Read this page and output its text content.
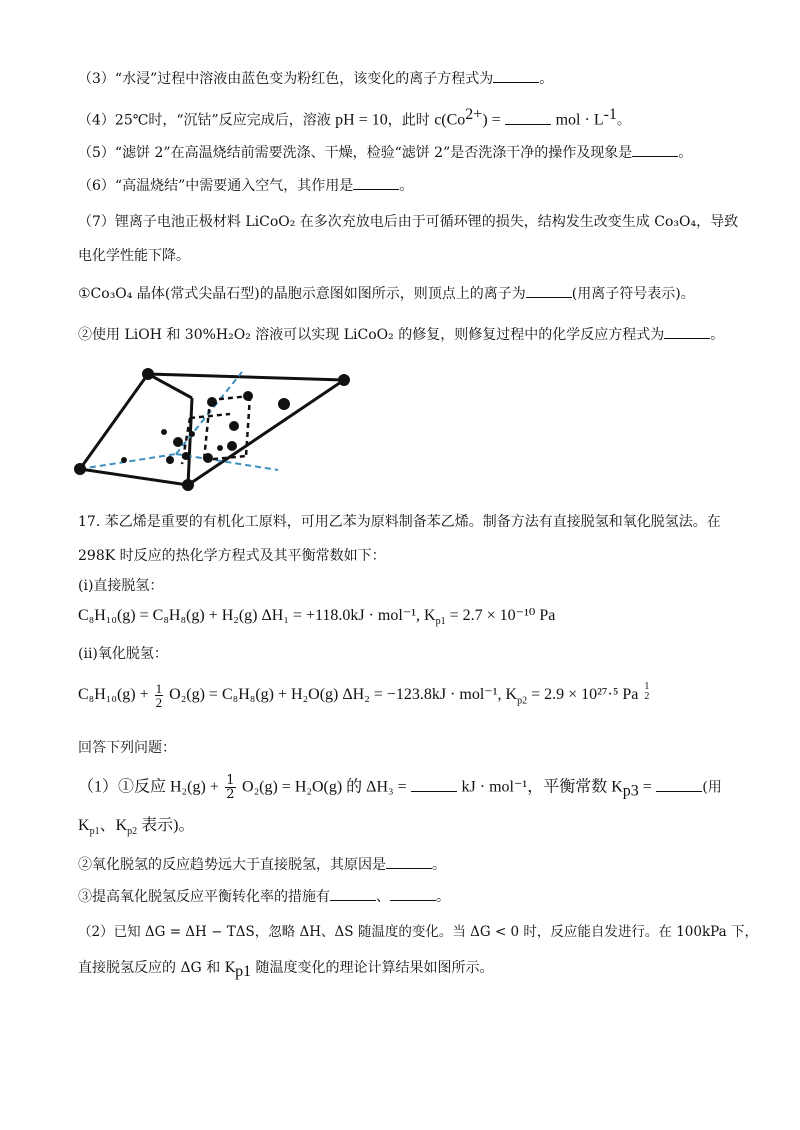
（3）“水浸”过程中溶液由蓝色变为粉红色，该变化的离子方程式为	。
（4）25℃时，“沉钴”反应完成后，溶液 pH = 10，此时 $c(Co^{2+})$ =	mol · $L^{-1}$。
（5）“滤饼 2”在高温烧结前需要洗涤、干燥，检验“滤饼 2”是否洗涤干净的操作及现象是	。
（6）“高温烧结”中需要通入空气，其作用是	。
（7）锂离子电池正极材料 LiCoO₂ 在多次充放电后由于可循环锂的损失，结构发生改变生成 Co₃O₄，导致
电化学性能下降。
①Co₃O₄ 晶体(常式尖晶石型)的晶胞示意图如图所示，则顶点上的离子为	(用离子符号表示)。
②使用 LiOH 和 30%H₂O₂ 溶液可以实现 LiCoO₂ 的修复，则修复过程中的化学反应方程式为	。
17. 苯乙烯是重要的有机化工原料，可用乙苯为原料制备苯乙烯。制备方法有直接脱氢和氧化脱氢法。在
298K 时反应的热化学方程式及其平衡常数如下：
(i)直接脱氢：
C₈H₁₀(g) = C₈H₈(g) + H₂(g) ΔH₁ = +118.0kJ · mol⁻¹, $K_{p1} = 2.7 \times 10^{-10}$ Pa
(ii)氧化脱氢：
$C_8H_{10}(g) + \frac{1}{2} O_2(g) = C_8H_8(g) + H_2O(g) \Delta H_2 = -123.8kJ \cdot mol^{-1}$, $K_{p2} = 2.9 \times 10^{27}\cdot^5$ Pa 1
2
回答下列问题：
（1）①反应 $H_2(g) + \frac{1}{2} O_2(g) = H_2O(g)$ 的 ΔH₃ =	kJ · mol⁻¹，平衡常数 $K_{p3}$ =	(用
$K_{p1}$、$K_{p2}$ 表示)。
②氧化脱氢的反应趋势远大于直接脱氢，其原因是	。
③提高氧化脱氢反应平衡转化率的措施有	、	。
（2）已知 ΔG = ΔH − TΔS，忽略 ΔH、ΔS 随温度的变化。当 ΔG < 0 时，反应能自发进行。在 100kPa 下，
直接脱氢反应的 ΔG 和 $K_{p1}$ 随温度变化的理论计算结果如图所示。
